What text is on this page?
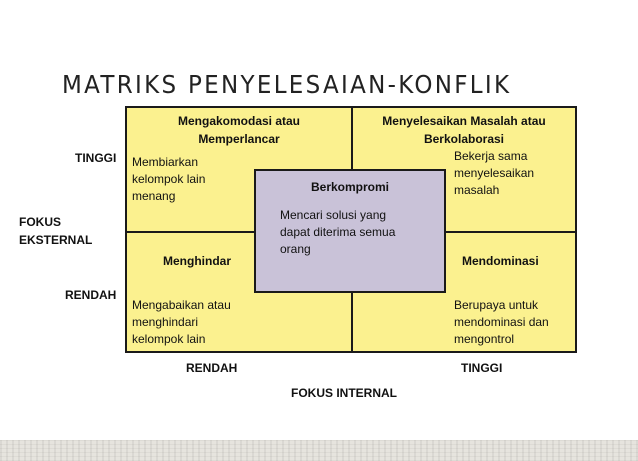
MATRIKS PENYELESAIAN-KONFLIK
Mengakomodasi atau
Memperlancar
Membiarkan
kelompok lain
menang
Menyelesaikan Masalah atau
Berkolaborasi
Bekerja sama
menyelesaikan
masalah
Menghindar
Mengabaikan atau
menghindari
kelompok lain
Mendominasi
Berupaya untuk
mendominasi dan
mengontrol
Berkompromi
Mencari solusi yang
dapat diterima semua
orang
TINGGI
FOKUS
EKSTERNAL
RENDAH
RENDAH	TINGGI
FOKUS INTERNAL
